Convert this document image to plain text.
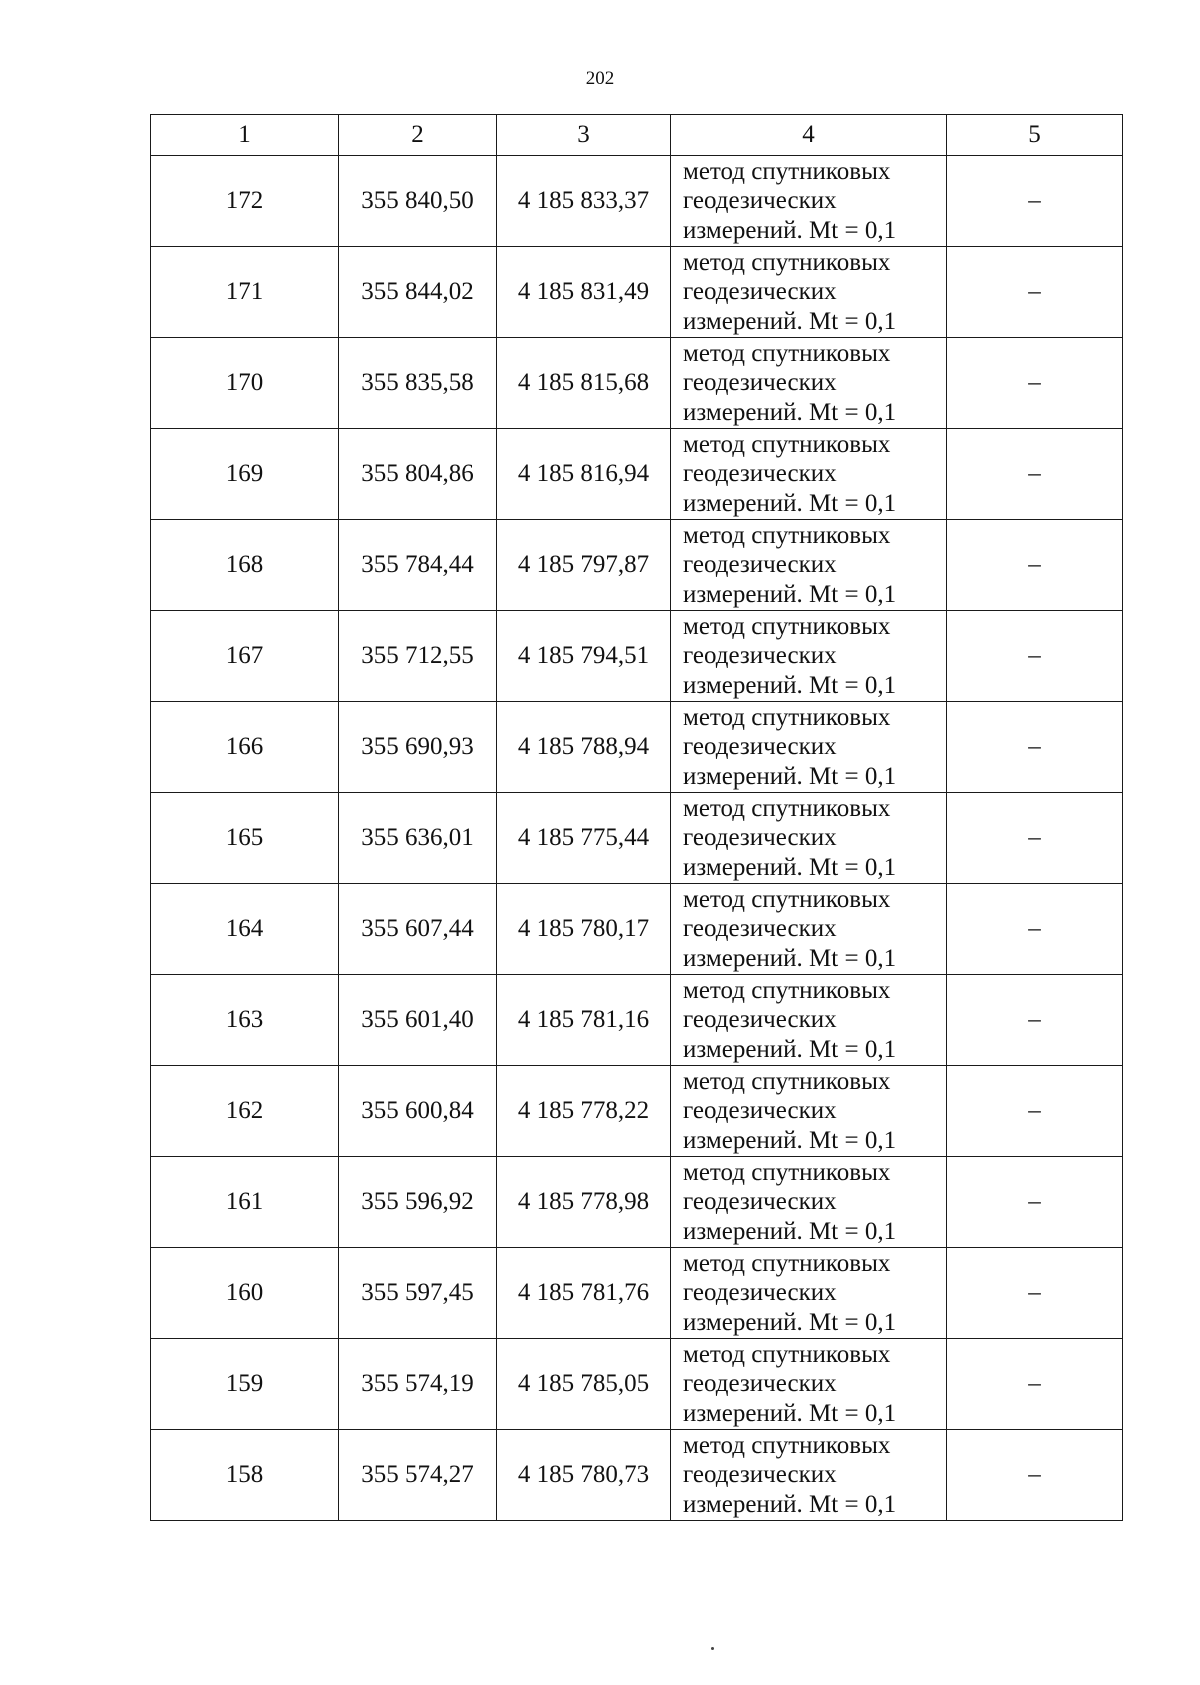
202
1	2	3	4	5
172	355 840,50	4 185 833,37	метод спутниковых
геодезических
измерений. Mt = 0,1	–
171	355 844,02	4 185 831,49	метод спутниковых
геодезических
измерений. Mt = 0,1	–
170	355 835,58	4 185 815,68	метод спутниковых
геодезических
измерений. Mt = 0,1	–
169	355 804,86	4 185 816,94	метод спутниковых
геодезических
измерений. Mt = 0,1	–
168	355 784,44	4 185 797,87	метод спутниковых
геодезических
измерений. Mt = 0,1	–
167	355 712,55	4 185 794,51	метод спутниковых
геодезических
измерений. Mt = 0,1	–
166	355 690,93	4 185 788,94	метод спутниковых
геодезических
измерений. Mt = 0,1	–
165	355 636,01	4 185 775,44	метод спутниковых
геодезических
измерений. Mt = 0,1	–
164	355 607,44	4 185 780,17	метод спутниковых
геодезических
измерений. Mt = 0,1	–
163	355 601,40	4 185 781,16	метод спутниковых
геодезических
измерений. Mt = 0,1	–
162	355 600,84	4 185 778,22	метод спутниковых
геодезических
измерений. Mt = 0,1	–
161	355 596,92	4 185 778,98	метод спутниковых
геодезических
измерений. Mt = 0,1	–
160	355 597,45	4 185 781,76	метод спутниковых
геодезических
измерений. Mt = 0,1	–
159	355 574,19	4 185 785,05	метод спутниковых
геодезических
измерений. Mt = 0,1	–
158	355 574,27	4 185 780,73	метод спутниковых
геодезических
измерений. Mt = 0,1	–
